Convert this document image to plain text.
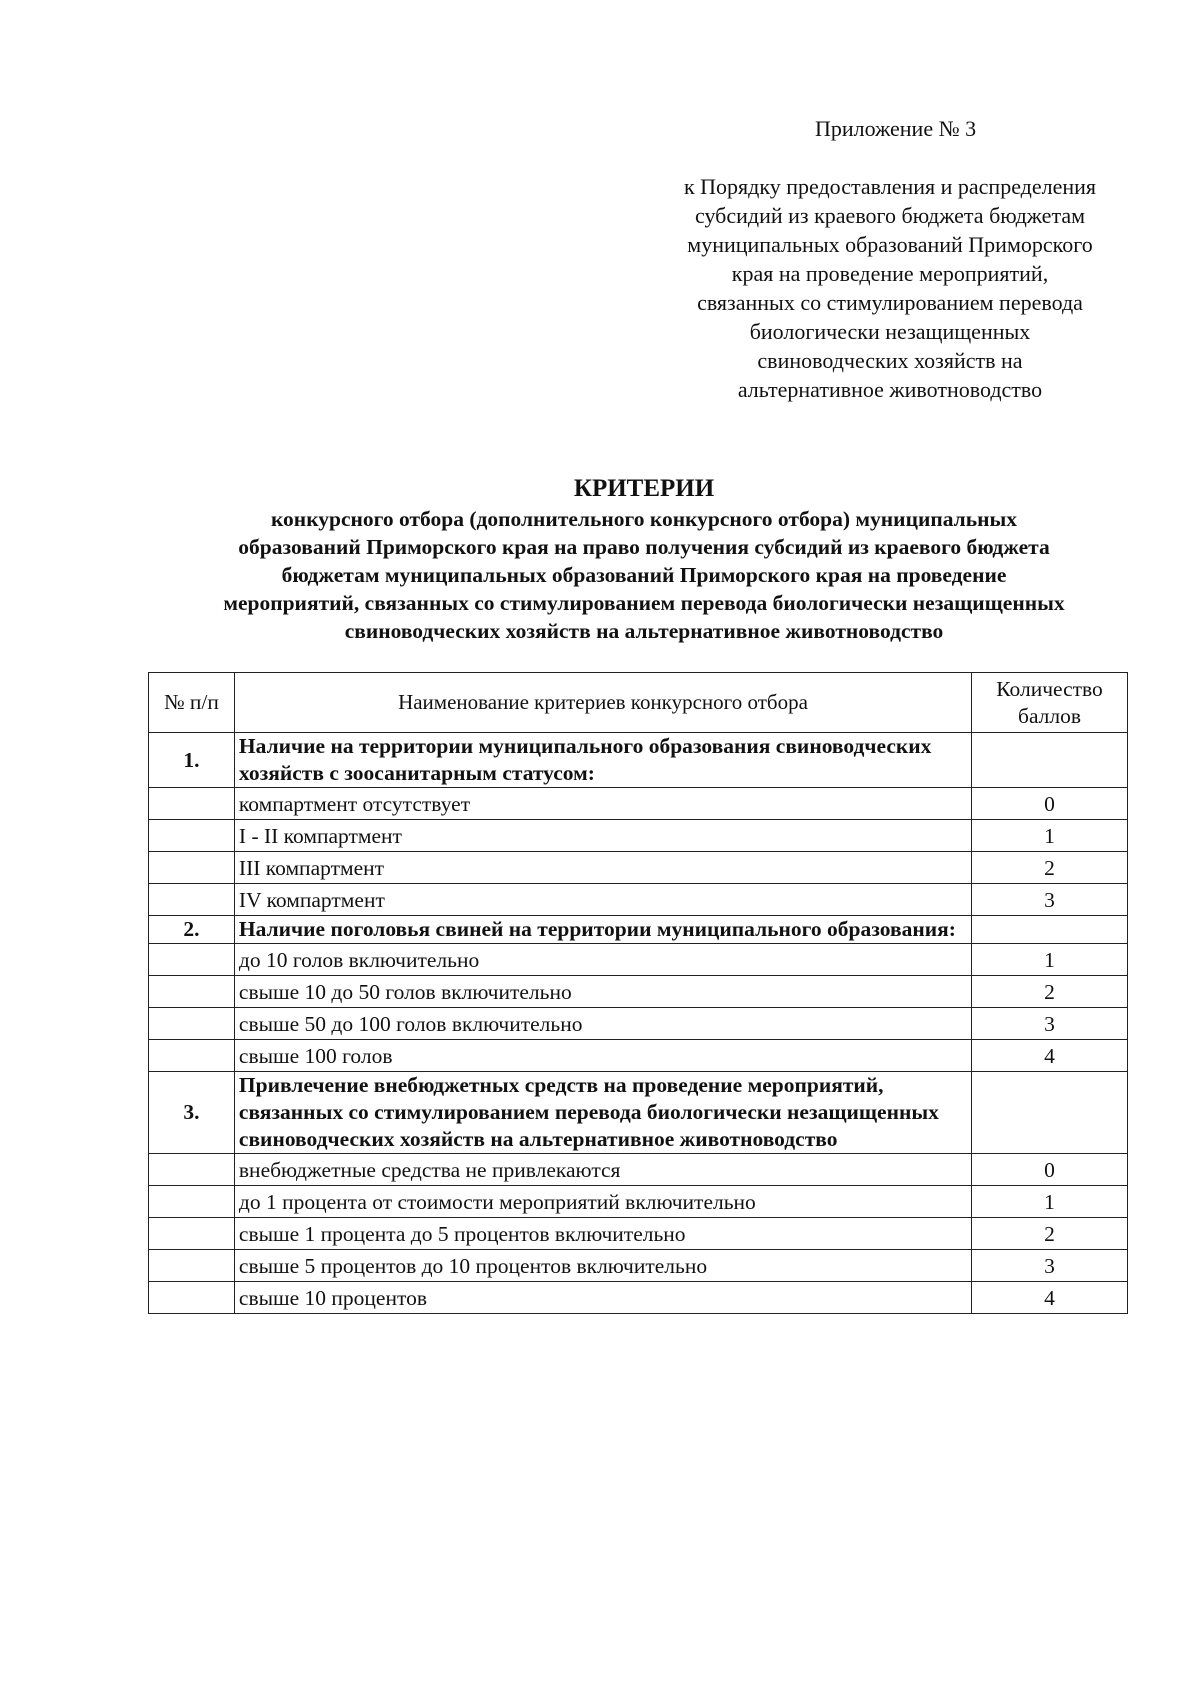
Приложение № 3
к Порядку предоставления и распределения
субсидий из краевого бюджета бюджетам
муниципальных образований Приморского
края на проведение мероприятий,
связанных со стимулированием перевода
биологически незащищенных
свиноводческих хозяйств на
альтернативное животноводство
КРИТЕРИИ
конкурсного отбора (дополнительного конкурсного отбора) муниципальных
образований Приморского края на право получения субсидий из краевого бюджета
бюджетам муниципальных образований Приморского края на проведение
мероприятий, связанных со стимулированием перевода биологически незащищенных
свиноводческих хозяйств на альтернативное животноводство
№ п/п	Наименование критериев конкурсного отбора	Количество
баллов
1.	Наличие на территории муниципального образования свиноводческих хозяйств с зоосанитарным статусом:	
	компартмент отсутствует	0
	I - II компартмент	1
	III компартмент	2
	IV компартмент	3
2.	Наличие поголовья свиней на территории муниципального образования:	
	до 10 голов включительно	1
	свыше 10 до 50 голов включительно	2
	свыше 50 до 100 голов включительно	3
	свыше 100 голов	4
3.	Привлечение внебюджетных средств на проведение мероприятий, связанных со стимулированием перевода биологически незащищенных свиноводческих хозяйств на альтернативное животноводство	
	внебюджетные средства не привлекаются	0
	до 1 процента от стоимости мероприятий включительно	1
	свыше 1 процента до 5 процентов включительно	2
	свыше 5 процентов до 10 процентов включительно	3
	свыше 10 процентов	4
